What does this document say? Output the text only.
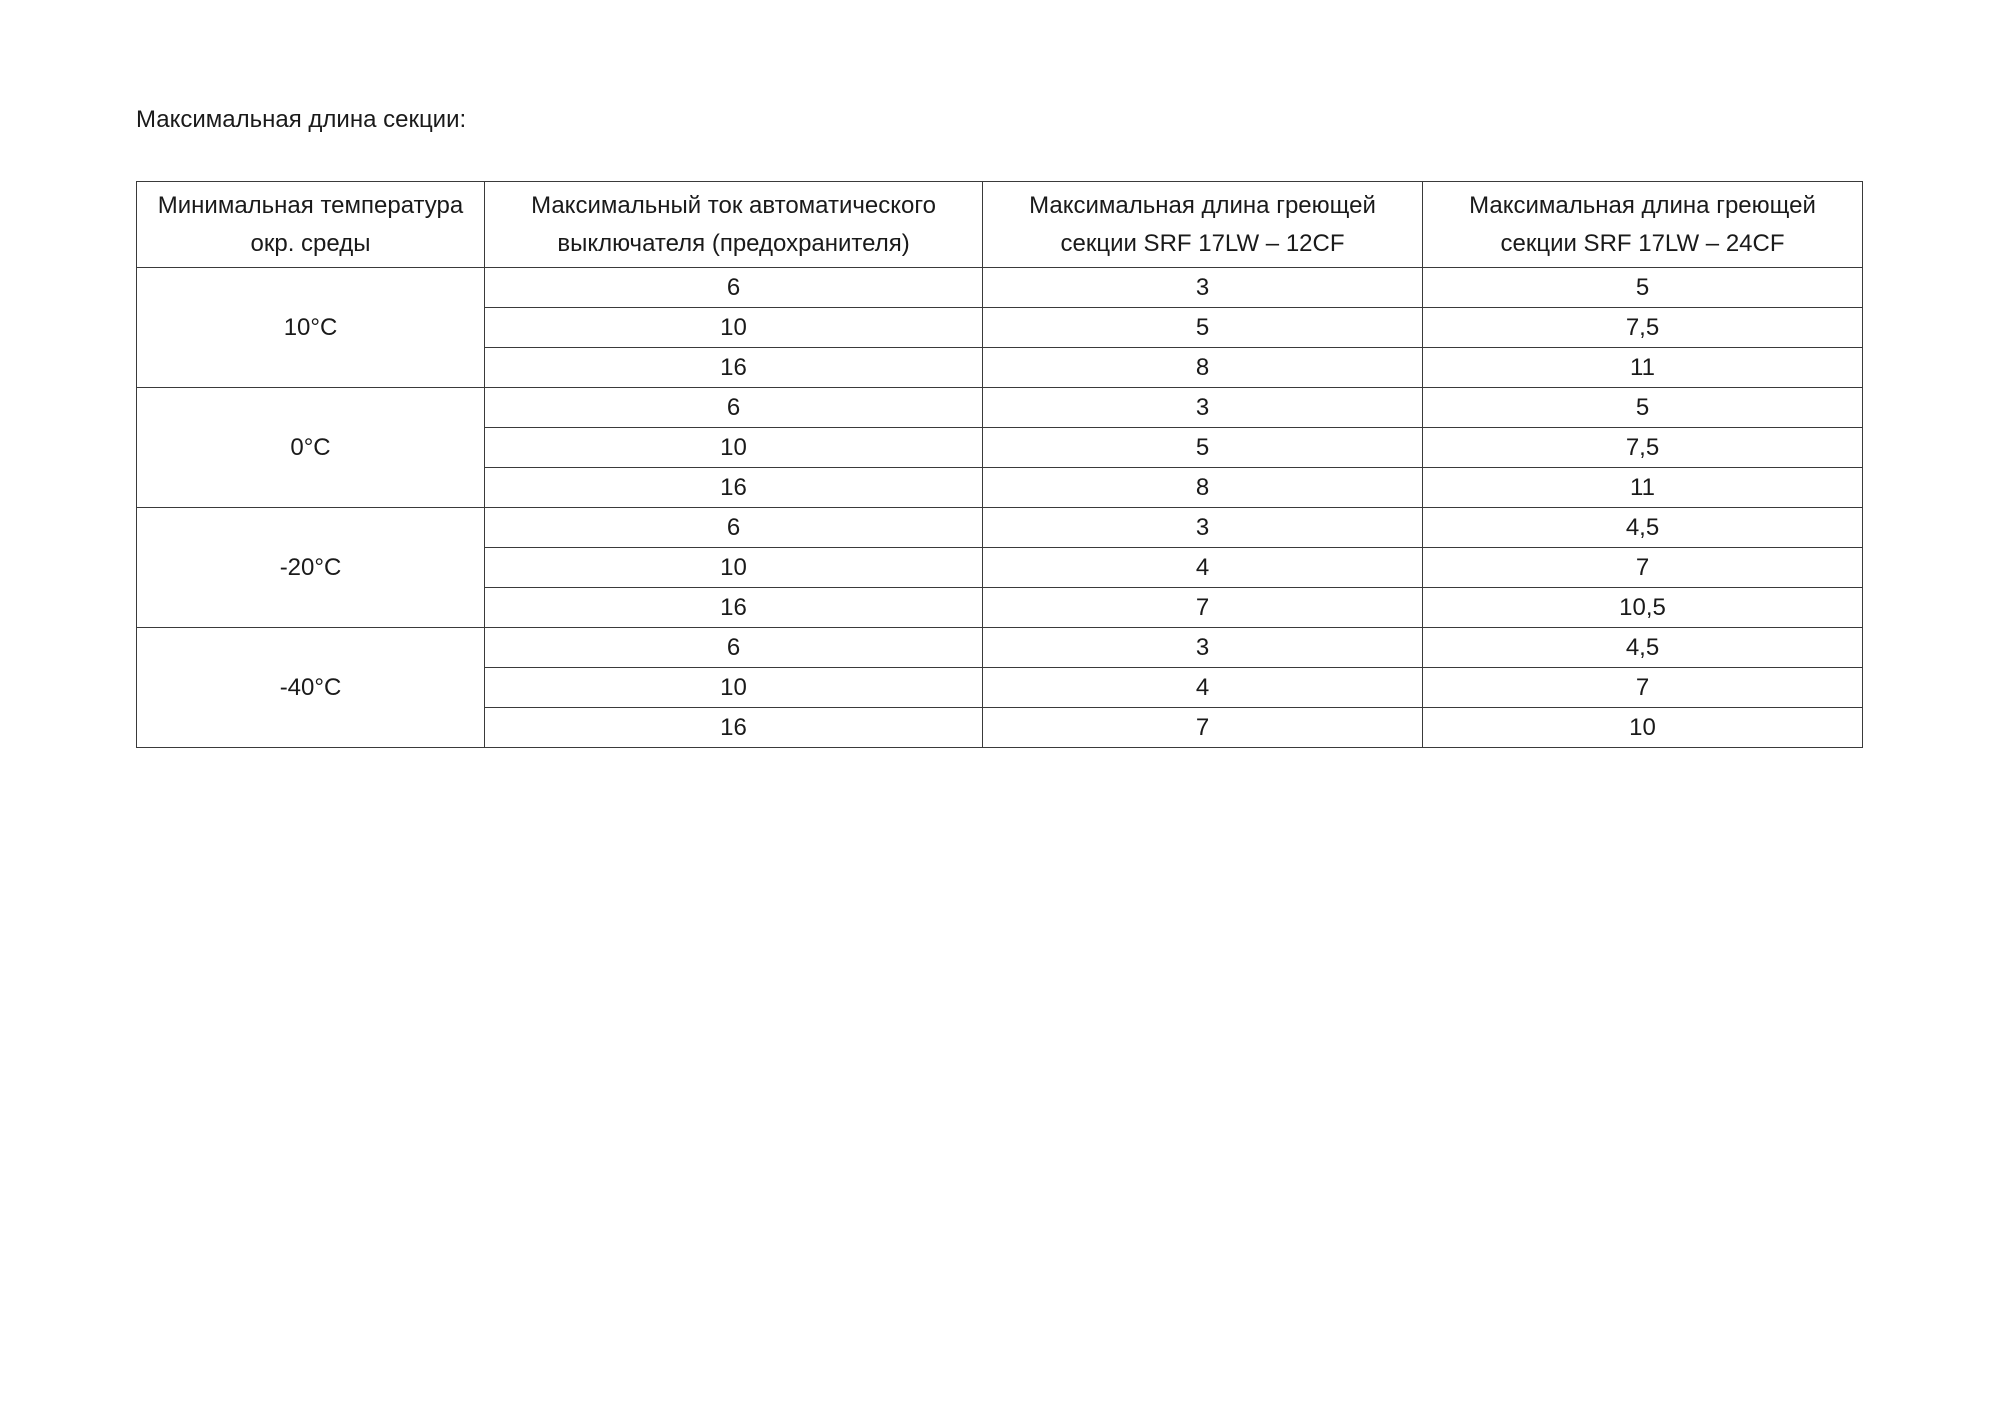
Максимальная длина секции:
Минимальная температура окр. среды	Максимальный ток автоматического выключателя (предохранителя)	Максимальная длина греющей секции SRF 17LW – 12CF	Максимальная длина греющей секции SRF 17LW – 24CF
10°C	6	3	5
	10	5	7,5
	16	8	11
0°C	6	3	5
	10	5	7,5
	16	8	11
-20°C	6	3	4,5
	10	4	7
	16	7	10,5
-40°C	6	3	4,5
	10	4	7
	16	7	10
